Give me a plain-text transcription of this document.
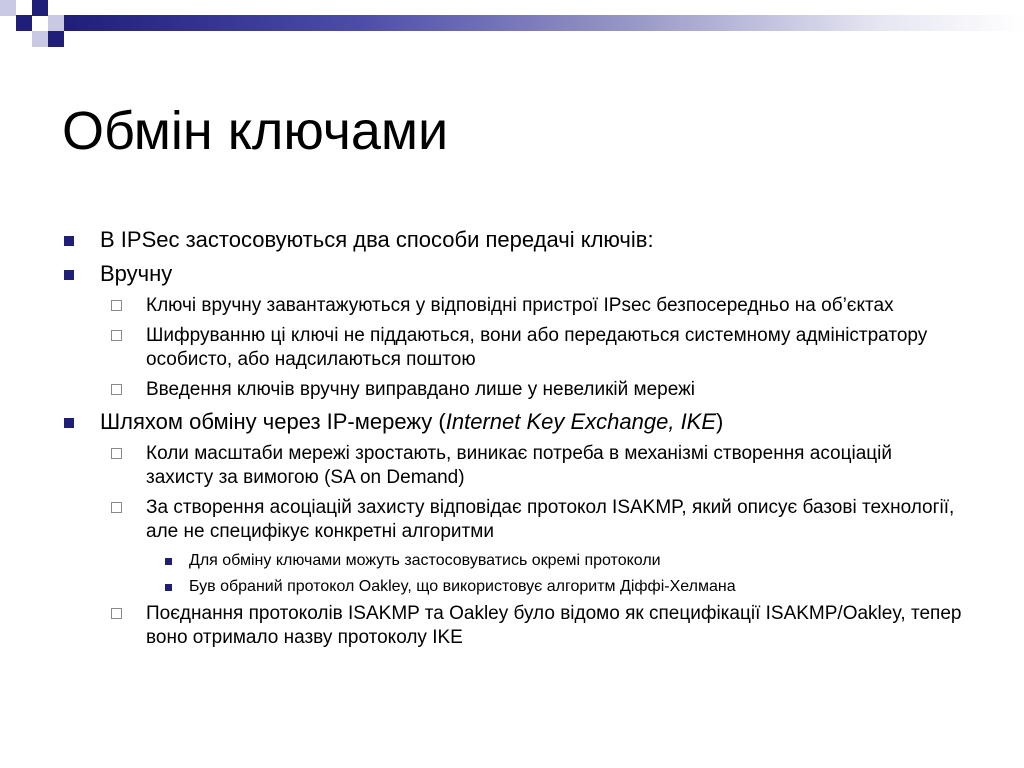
Обмін ключами
В IPSec застосовуються два способи передачі ключів:
Вручну
Ключі вручну завантажуються у відповідні пристрої IPsec безпосередньо на об’єктах
Шифруванню ці ключі не піддаються, вони або передаються системному адміністратору особисто, або надсилаються поштою
Введення ключів вручну виправдано лише у невеликій мережі
Шляхом обміну через IP-мережу (Internet Key Exchange, IKE)
Коли масштаби мережі зростають, виникає потреба в механізмі створення асоціацій захисту за вимогою (SA on Demand)
За створення асоціацій захисту відповідає протокол ISAKMP, який описує базові технології, але не специфікує конкретні алгоритми
Для обміну ключами можуть застосовуватись окремі протоколи
Був обраний протокол Oakley, що використовує алгоритм Діффі-Хелмана
Поєднання протоколів ISAKMP та Oakley було відомо як специфікації ISAKMP/Oakley, тепер воно отримало назву протоколу IKE
